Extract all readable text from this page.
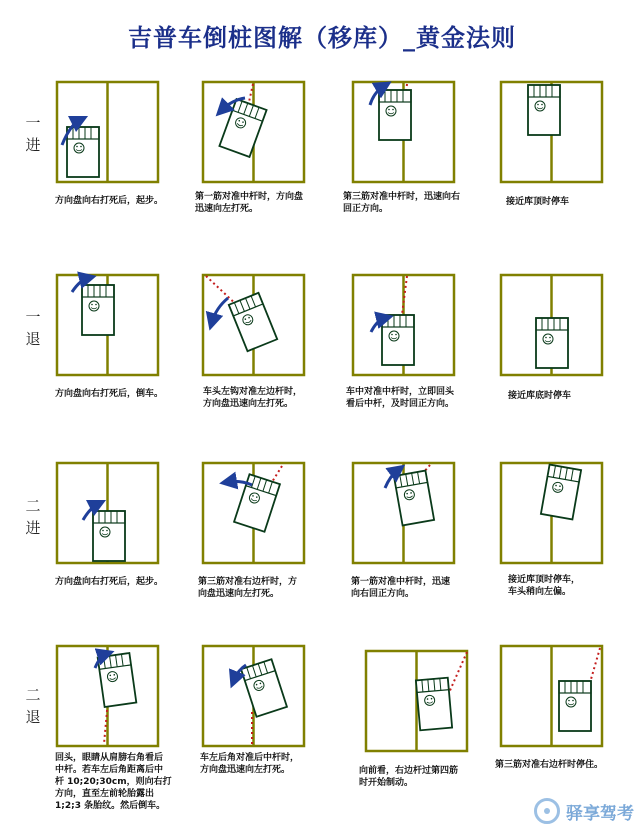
吉普车倒桩图解（移库）_黄金法则
一
进
一
退
二
进
二
退
方向盘向右打死后，起步。	第一筋对准中杆时，方向盘
迅速向左打死。
第三筋对准中杆时，迅速向右
回正方向。
接近库顶时停车
方向盘向右打死后，倒车。	车头左钩对准左边杆时，
方向盘迅速向左打死。
车中对准中杆时，立即回头
看后中杆，及时回正方向。
接近库底时停车
方向盘向右打死后，起步。	第三筋对准右边杆时，方
向盘迅速向左打死。
第一筋对准中杆时，迅速
向右回正方向。
接近库顶时停车，
车头稍向左偏。
回头，眼睛从肩膀右角看后
中杆。若车左后角距离后中
杆 10;20;30cm，则向右打
方向，直至左前轮胎露出
1;2;3 条胎纹。然后倒车。
车左后角对准后中杆时，
方向盘迅速向左打死。	向前看，右边杆过第四筋
时开始制动。
第三筋对准右边杆时停住。
驿享驾考
